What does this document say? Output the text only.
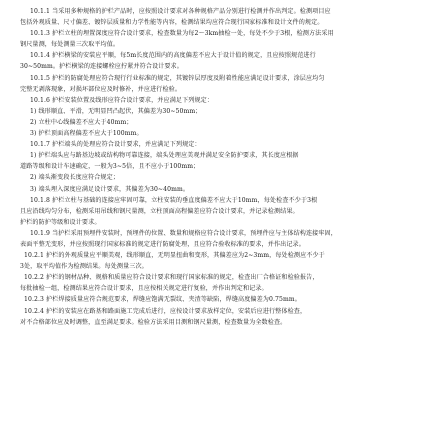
10.1.1 当采用多种规格的护栏产品时，应按照设计要求对各种规格产品分别进行检测并作出判定。检测项目应
包括外观质量、尺寸偏差、镀锌层质量和力学性能等内容，检测结果均应符合现行国家标准和设计文件的规定。
10.1.3 护栏立柱的埋置深度应符合设计要求，检查数量为每2～3km抽检一处，每处不少于3根，检测方法采用
钢尺量测，每处测量三次取平均值。
10.1.4 护栏横梁的安装应平顺，每5m长度范围内的高度偏差不应大于设计值的规定，且应按照规范进行
30~50mm。护栏横梁的连接螺栓应拧紧并符合设计要求。
10.1.5 护栏的防腐处理应符合现行行业标准的规定，其镀锌层厚度及附着性能应满足设计要求，涂层应均匀
完整无剥落现象，对损坏部位应及时修补，并应进行检验。
10.1.6 护栏安装位置及线形应符合设计要求，并应满足下列规定：
1) 线形顺直、平滑，无明显凹凸起伏，其偏差为30~50mm；
2) 立柱中心线偏差不应大于40mm；
3) 护栏顶面高程偏差不应大于100mm。
10.1.7 护栏端头的处理应符合设计要求，并应满足下列规定：
1) 护栏端头应与路基边坡或结构物可靠连接，端头处理应美观并满足安全防护要求，其长度应根据
道路等级和设计车速确定，一般为3~5倍，且不应小于100mm；
2) 端头渐变段长度应符合规定；
3) 端头埋入深度应满足设计要求，其偏差为30~40mm。
10.1.8 护栏立柱与基础的连接应牢固可靠，立柱安装的垂直度偏差不应大于10mm，每处检查不少于3根
且应沿线均匀分布，检测采用吊线和钢尺量测，立柱顶面高程偏差应符合设计要求，并记录检测结果。
护栏的防护等级和设计要求。
10.1.9 当护栏采用预埋件安装时，预埋件的位置、数量和规格应符合设计要求，预埋件应与主体结构连接牢固，
表面平整无变形，并应按照现行国家标准的规定进行防腐处理，且应符合验收标准的要求，并作出记录。
10.2.1 护栏的外观质量应平顺美观，线形顺直，无明显扭曲和变形，其偏差应为2~3mm，每处检测应不少于
3处，取平均值作为检测结果。每处测量三次。
10.2.2 护栏的钢材品种、规格和质量应符合设计要求和现行国家标准的规定，检查出厂合格证和检验报告，
每批抽检一组，检测结果应符合设计要求，且应按相关规定进行复验，并作出判定和记录。
10.2.3 护栏焊接质量应符合规范要求，焊缝应饱满无裂纹、夹渣等缺陷，焊缝高度偏差为0.75mm。
10.2.4 护栏的安装应在路基和路面施工完成后进行，应按设计要求放样定位，安装后应进行整体检查，
对不合格部位应及时调整，直至满足要求。检验方法采用目测和钢尺量测，检查数量为全数检查。
